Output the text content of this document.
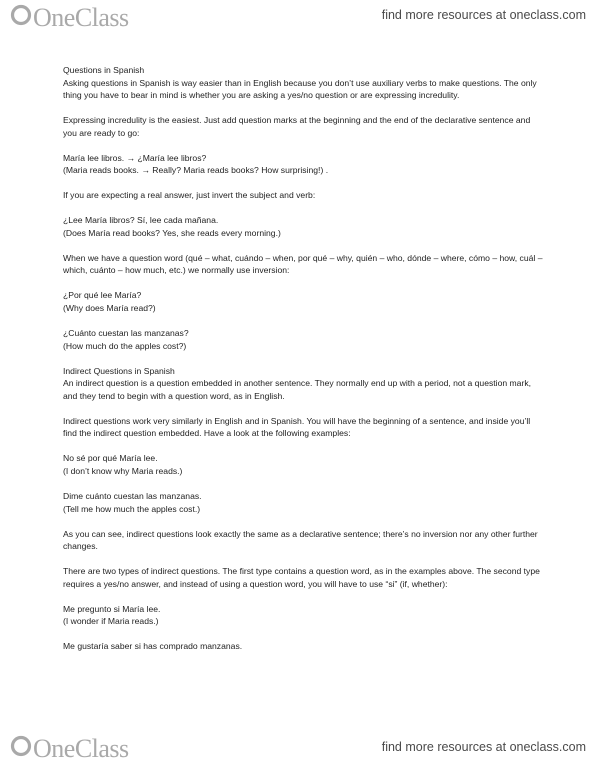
OneClass	find more resources at oneclass.com

Questions in Spanish

Asking questions in Spanish is way easier than in English because you don’t use auxiliary verbs to make questions. The only thing you have to bear in mind is whether you are asking a yes/no question or are expressing incredulity.

Expressing incredulity is the easiest. Just add question marks at the beginning and the end of the declarative sentence and you are ready to go:

María lee libros. → ¿María lee libros?

(Maria reads books. → Really? Maria reads books? How surprising!) .

If you are expecting a real answer, just invert the subject and verb:

¿Lee María libros? Sí, lee cada mañana.

(Does María read books? Yes, she reads every morning.)

When we have a question word (qué – what, cuándo – when, por qué – why, quién – who, dónde – where, cómo – how, cuál – which, cuánto – how much, etc.) we normally use inversion:

¿Por qué lee María?

(Why does María read?)

¿Cuánto cuestan las manzanas?

(How much do the apples cost?)

Indirect Questions in Spanish

An indirect question is a question embedded in another sentence. They normally end up with a period, not a question mark, and they tend to begin with a question word, as in English.

Indirect questions work very similarly in English and in Spanish. You will have the beginning of a sentence, and inside you’ll find the indirect question embedded. Have a look at the following examples:

No sé por qué María lee.

(I don’t know why Maria reads.)

Dime cuánto cuestan las manzanas.

(Tell me how much the apples cost.)

As you can see, indirect questions look exactly the same as a declarative sentence; there’s no inversion nor any other further changes.

There are two types of indirect questions. The first type contains a question word, as in the examples above. The second type requires a yes/no answer, and instead of using a question word, you will have to use “si” (if, whether):

Me pregunto si María lee.

(I wonder if Maria reads.)

Me gustaría saber si has comprado manzanas.

OneClass	find more resources at oneclass.com
